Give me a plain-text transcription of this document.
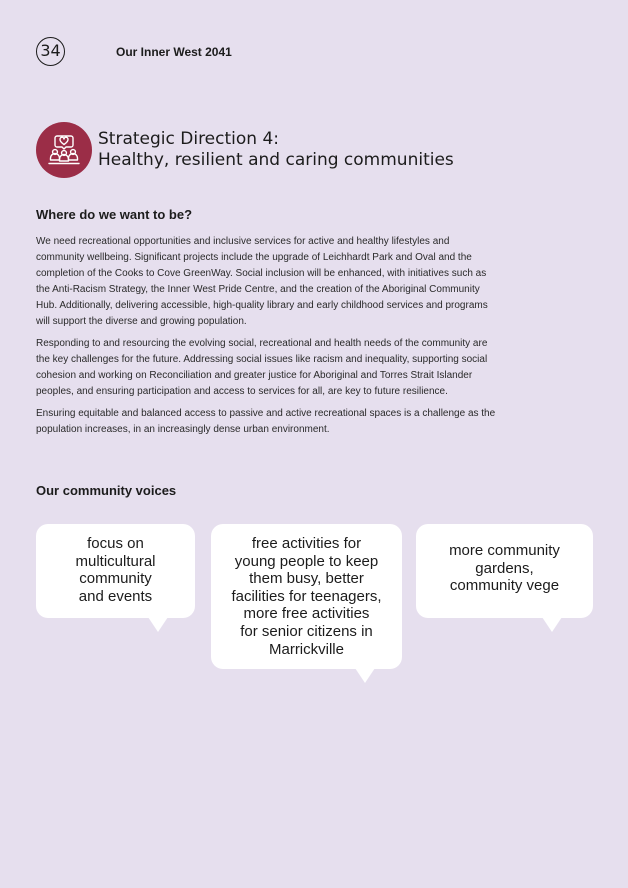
34	Our Inner West 2041
Strategic Direction 4:
Healthy, resilient and caring communities
Where do we want to be?

We need recreational opportunities and inclusive services for active and healthy lifestyles and community wellbeing. Significant projects include the upgrade of Leichhardt Park and Oval and the completion of the Cooks to Cove GreenWay. Social inclusion will be enhanced, with initiatives such as the Anti-Racism Strategy, the Inner West Pride Centre, and the creation of the Aboriginal Community Hub. Additionally, delivering accessible, high-quality library and early childhood services and programs will support the diverse and growing population.

Responding to and resourcing the evolving social, recreational and health needs of the community are the key challenges for the future. Addressing social issues like racism and inequality, supporting social cohesion and working on Reconciliation and greater justice for Aboriginal and Torres Strait Islander peoples, and ensuring participation and access to services for all, are key to future resilience.

Ensuring equitable and balanced access to passive and active recreational spaces is a challenge as the population increases, in an increasingly dense urban environment.

Our community voices
focus on
multicultural
community
and events
free activities for
young people to keep
them busy, better
facilities for teenagers,
more free activities
for senior citizens in
Marrickville
more community
gardens,
community vege
